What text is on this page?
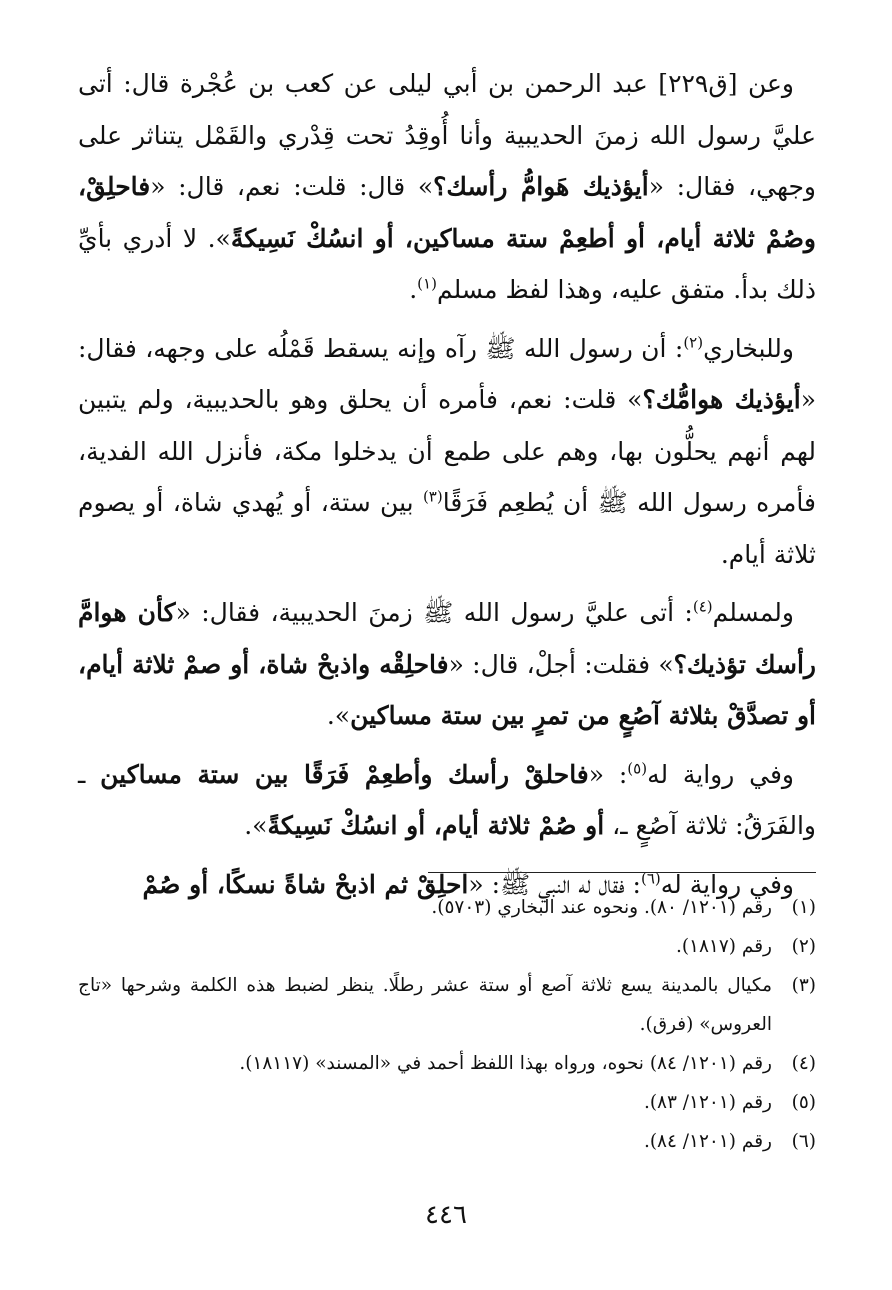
وعن [ق٢٢٩] عبد الرحمن بن أبي ليلى عن كعب بن عُجْرة قال: أتى عليَّ رسول الله زمنَ الحديبية وأنا أُوقِدُ تحت قِدْري والقَمْل يتناثر على وجهي، فقال: «أيؤذيك هَوامُّ رأسك؟» قال: قلت: نعم، قال: «فاحلِقْ، وصُمْ ثلاثة أيام، أو أطعِمْ ستة مساكين، أو انسُكْ نَسِيكةً». لا أدري بأيِّ ذلك بدأ. متفق عليه، وهذا لفظ مسلم$^{(١)}$.

وللبخاري$^{(٢)}$: أن رسول الله ﷺ رآه وإنه يسقط قَمْلُه على وجهه، فقال: «أيؤذيك هوامُّك؟» قلت: نعم، فأمره أن يحلق وهو بالحديبية، ولم يتبين لهم أنهم يحلُّون بها، وهم على طمع أن يدخلوا مكة، فأنزل الله الفدية، فأمره رسول الله ﷺ أن يُطعِم فَرَقًا$^{(٣)}$ بين ستة، أو يُهدي شاة، أو يصوم ثلاثة أيام.

ولمسلم$^{(٤)}$: أتى عليَّ رسول الله ﷺ زمنَ الحديبية، فقال: «كأن هوامَّ رأسك تؤذيك؟» فقلت: أجلْ، قال: «فاحلِقْه واذبحْ شاة، أو صمْ ثلاثة أيام، أو تصدَّقْ بثلاثة آصُعٍ من تمرٍ بين ستة مساكين».

وفي رواية له$^{(٥)}$: «فاحلقْ رأسك وأطعِمْ فَرَقًا بين ستة مساكين ـ والفَرَقُ: ثلاثة آصُعٍ ـ، أو صُمْ ثلاثة أيام، أو انسُكْ نَسِيكةً».

وفي رواية له$^{(٦)}$: فقال له النبي ﷺ: «احلِقْ ثم اذبحْ شاةً نسكًا، أو صُمْ

(١)
رقم (١٢٠١/ ٨٠). ونحوه عند البخاري (٥٧٠٣).
(٢)
رقم (١٨١٧).
(٣)
مكيال بالمدينة يسع ثلاثة آصع أو ستة عشر رطلًا. ينظر لضبط هذه الكلمة وشرحها «تاج العروس» (فرق).
(٤)
رقم (١٢٠١/ ٨٤) نحوه، ورواه بهذا اللفظ أحمد في «المسند» (١٨١١٧).
(٥)
رقم (١٢٠١/ ٨٣).
(٦)
رقم (١٢٠١/ ٨٤).
٤٤٦
